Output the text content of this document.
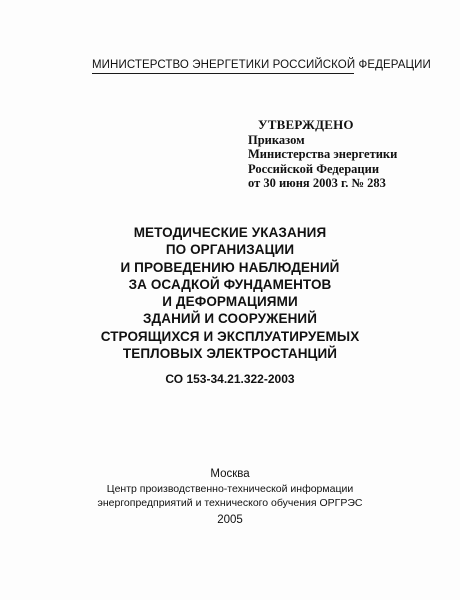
МИНИСТЕРСТВО ЭНЕРГЕТИКИ РОССИЙСКОЙ ФЕДЕРАЦИИ
УТВЕРЖДЕНО
Приказом
Министерства энергетики
Российской Федерации
от 30 июня 2003 г. № 283
МЕТОДИЧЕСКИЕ УКАЗАНИЯ
ПО ОРГАНИЗАЦИИ
И ПРОВЕДЕНИЮ НАБЛЮДЕНИЙ
ЗА ОСАДКОЙ ФУНДАМЕНТОВ
И ДЕФОРМАЦИЯМИ
ЗДАНИЙ И СООРУЖЕНИЙ
СТРОЯЩИХСЯ И ЭКСПЛУАТИРУЕМЫХ
ТЕПЛОВЫХ ЭЛЕКТРОСТАНЦИЙ
СО 153-34.21.322-2003
Москва
Центр производственно-технической информации
энергопредприятий и технического обучения ОРГРЭС
2005
